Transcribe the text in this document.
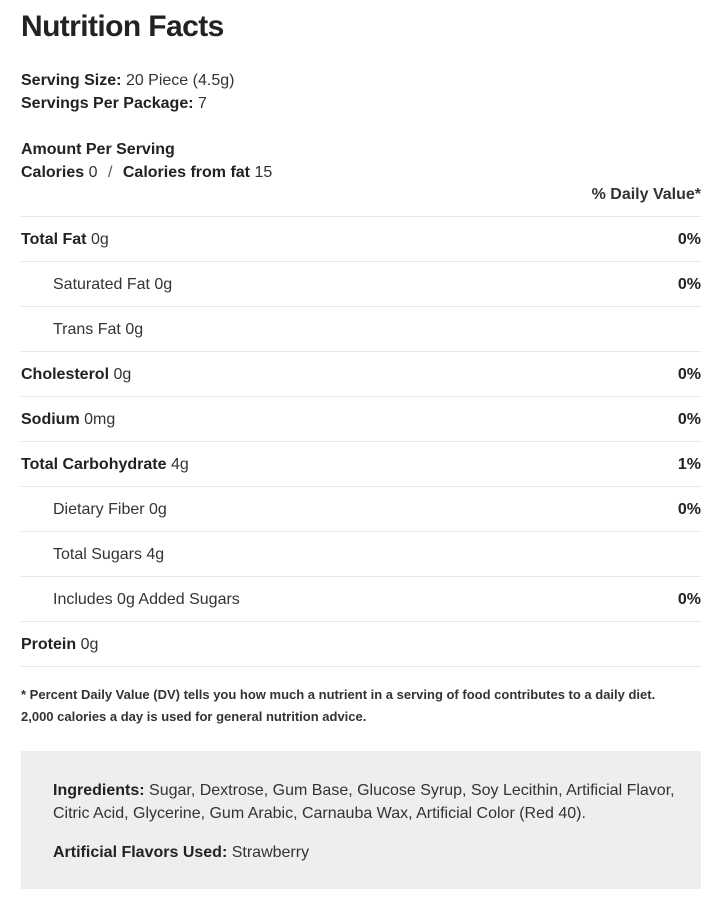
Nutrition Facts
Serving Size: 20 Piece (4.5g)
Servings Per Package: 7
Amount Per Serving
Calories 0 / Calories from fat 15
% Daily Value*
Total Fat 0g	0%
Saturated Fat 0g	0%
Trans Fat 0g
Cholesterol 0g	0%
Sodium 0mg	0%
Total Carbohydrate 4g	1%
Dietary Fiber 0g	0%
Total Sugars 4g
Includes 0g Added Sugars	0%
Protein 0g
* Percent Daily Value (DV) tells you how much a nutrient in a serving of food contributes to a daily diet.
2,000 calories a day is used for general nutrition advice.
Ingredients: Sugar, Dextrose, Gum Base, Glucose Syrup, Soy Lecithin, Artificial Flavor, Citric Acid, Glycerine, Gum Arabic, Carnauba Wax, Artificial Color (Red 40).
Artificial Flavors Used: Strawberry
